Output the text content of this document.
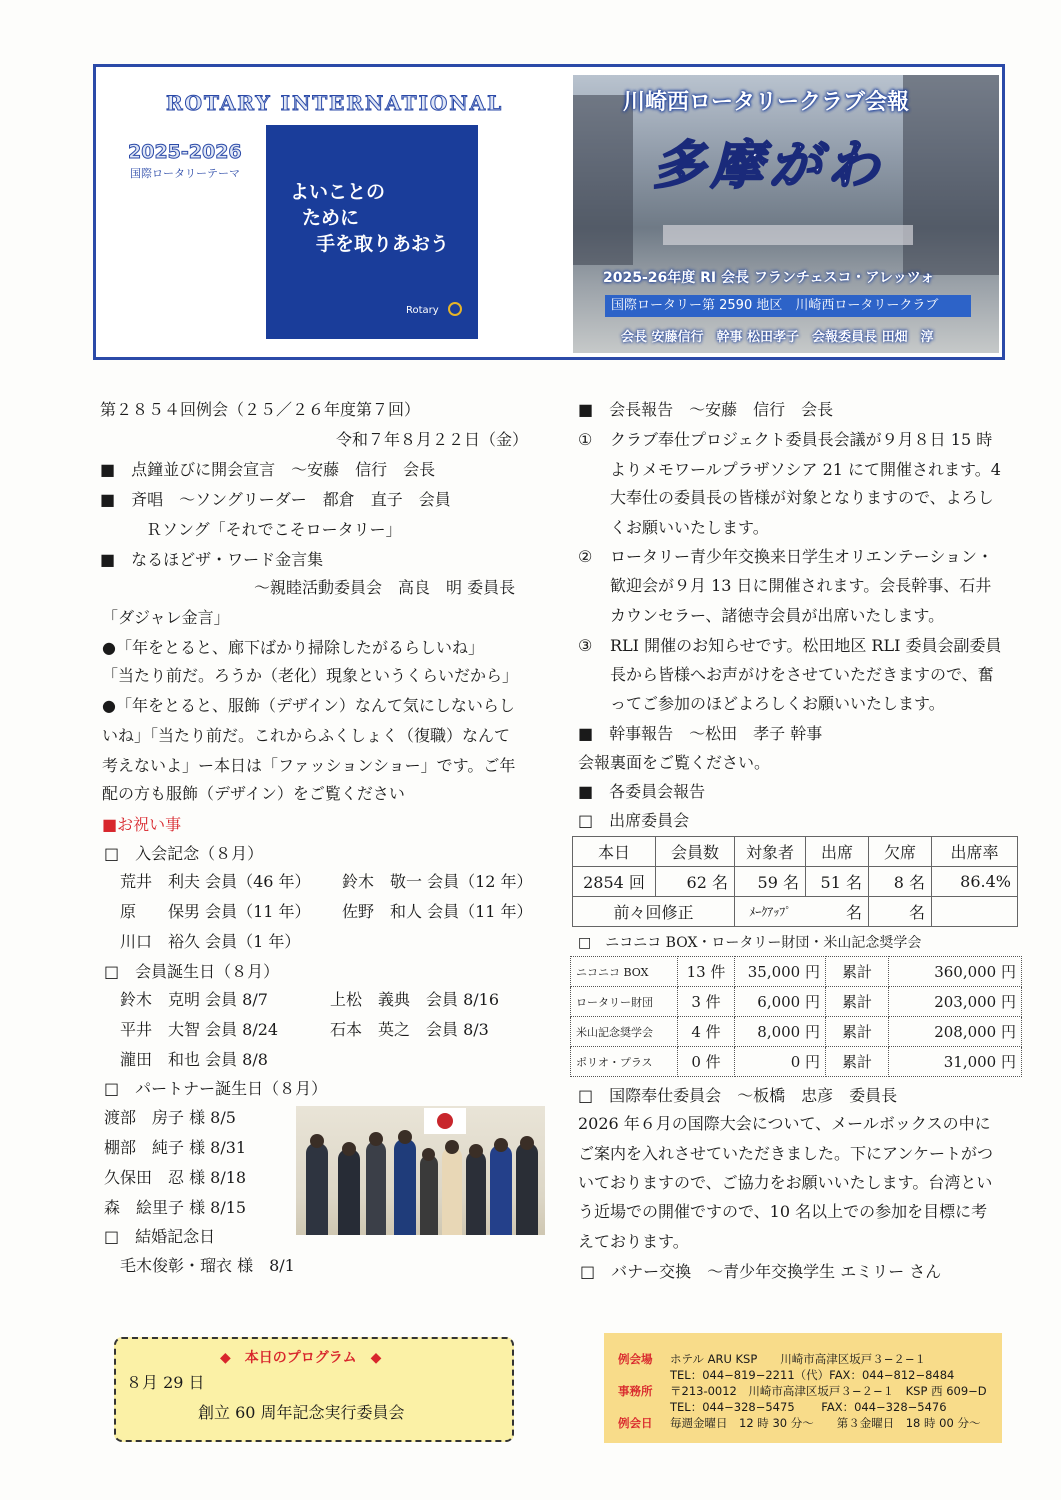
ROTARY INTERNATIONAL
2025-2026
国際ロータリーテーマ
よいことの
ために
手を取りあおう
Rotary
川崎西ロータリークラブ会報
多摩がわ
2025-26年度 RI 会長 フランチェスコ・アレッツォ
国際ロータリー第 2590 地区　川崎西ロータリークラブ
会長 安藤信行　幹事 松田孝子　会報委員長 田畑　淳
第２８５４回例会（２５／２６年度第７回）
令和７年８月２２日（金）
■　点鐘並びに開会宣言　～安藤　信行　会長
■　斉唱　～ソングリーダー　都倉　直子　会員
Ｒソング「それでこそロータリー」
■　なるほどザ・ワード金言集
～親睦活動委員会　高良　明 委員長
「ダジャレ金言」
●「年をとると、廊下ばかり掃除したがるらしいね」
「当たり前だ。ろうか（老化）現象というくらいだから」
●「年をとると、服飾（デザイン）なんて気にしないらし
いね」「当たり前だ。これからふくしょく（復職）なんて
考えないよ」ー本日は「ファッションショー」です。ご年
配の方も服飾（デザイン）をご覧ください
■お祝い事
□　入会記念（８月）
荒井　利夫 会員（46 年） 鈴木　敬一 会員（12 年）
原　　保男 会員（11 年） 佐野　和人 会員（11 年）
川口　裕久 会員（1 年）
□　会員誕生日（８月）
鈴木　克明 会員 8/7	上松　義典　会員 8/16
平井　大智 会員 8/24	石本　英之　会員 8/3
瀧田　和也 会員 8/8
□　パートナー誕生日（８月）
渡部　房子 様 8/5
棚部　純子 様 8/31
久保田　忍 様 8/18
森　絵里子 様 8/15
□　結婚記念日
毛木俊彰・瑠衣 様　8/1
■　会長報告　～安藤　信行　会長
① クラブ奉仕プロジェクト委員長会議が９月８日 15 時
よりメモワールプラザソシア 21 にて開催されます。4
大奉仕の委員長の皆様が対象となりますので、よろし
くお願いいたします。
② ロータリー青少年交換来日学生オリエンテーション・
歓迎会が９月 13 日に開催されます。会長幹事、石井
カウンセラー、諸徳寺会員が出席いたします。
③ RLI 開催のお知らせです。松田地区 RLI 委員会副委員
長から皆様へお声がけをさせていただきますので、奮
ってご参加のほどよろしくお願いいたします。
■　幹事報告　～松田　孝子 幹事
会報裏面をご覧ください。
■　各委員会報告
□　出席委員会
本日	会員数	対象者	出席	欠席	出席率
2854 回	62 名	59 名	51 名	8 名	86.4%
前々回修正		ﾒｰｸｱｯﾌﾟ	名	名	
□　ニコニコ BOX・ロータリー財団・米山記念奨学会
ニコニコ BOX	13 件	35,000 円	累計	360,000 円
ロータリー財団	3 件	6,000 円	累計	203,000 円
米山記念奨学会	4 件	8,000 円	累計	208,000 円
ポリオ・プラス	0 件	0 円	累計	31,000 円
□　国際奉仕委員会　～板橋　忠彦　委員長
2026 年６月の国際大会について、メールボックスの中に
ご案内を入れさせていただきました。下にアンケートがつ
いておりますので、ご協力をお願いいたします。台湾とい
う近場での開催ですので、10 名以上での参加を目標に考
えております。
□　バナー交換　～青少年交換学生 エミリー さん
◆　本日のプログラム　◆
８月 29 日
創立 60 周年記念実行委員会
例会場 ホテル ARU KSP　　川崎市高津区坂戸３−２−１
TEL：044−819−2211（代）FAX：044−812−8484
事務所 〒213-0012　川崎市高津区坂戸３−２−１　KSP 西 609−D
TEL：044−328−5475　　 FAX：044−328−5476
例会日 毎週金曜日　12 時 30 分～　　第３金曜日　18 時 00 分～
